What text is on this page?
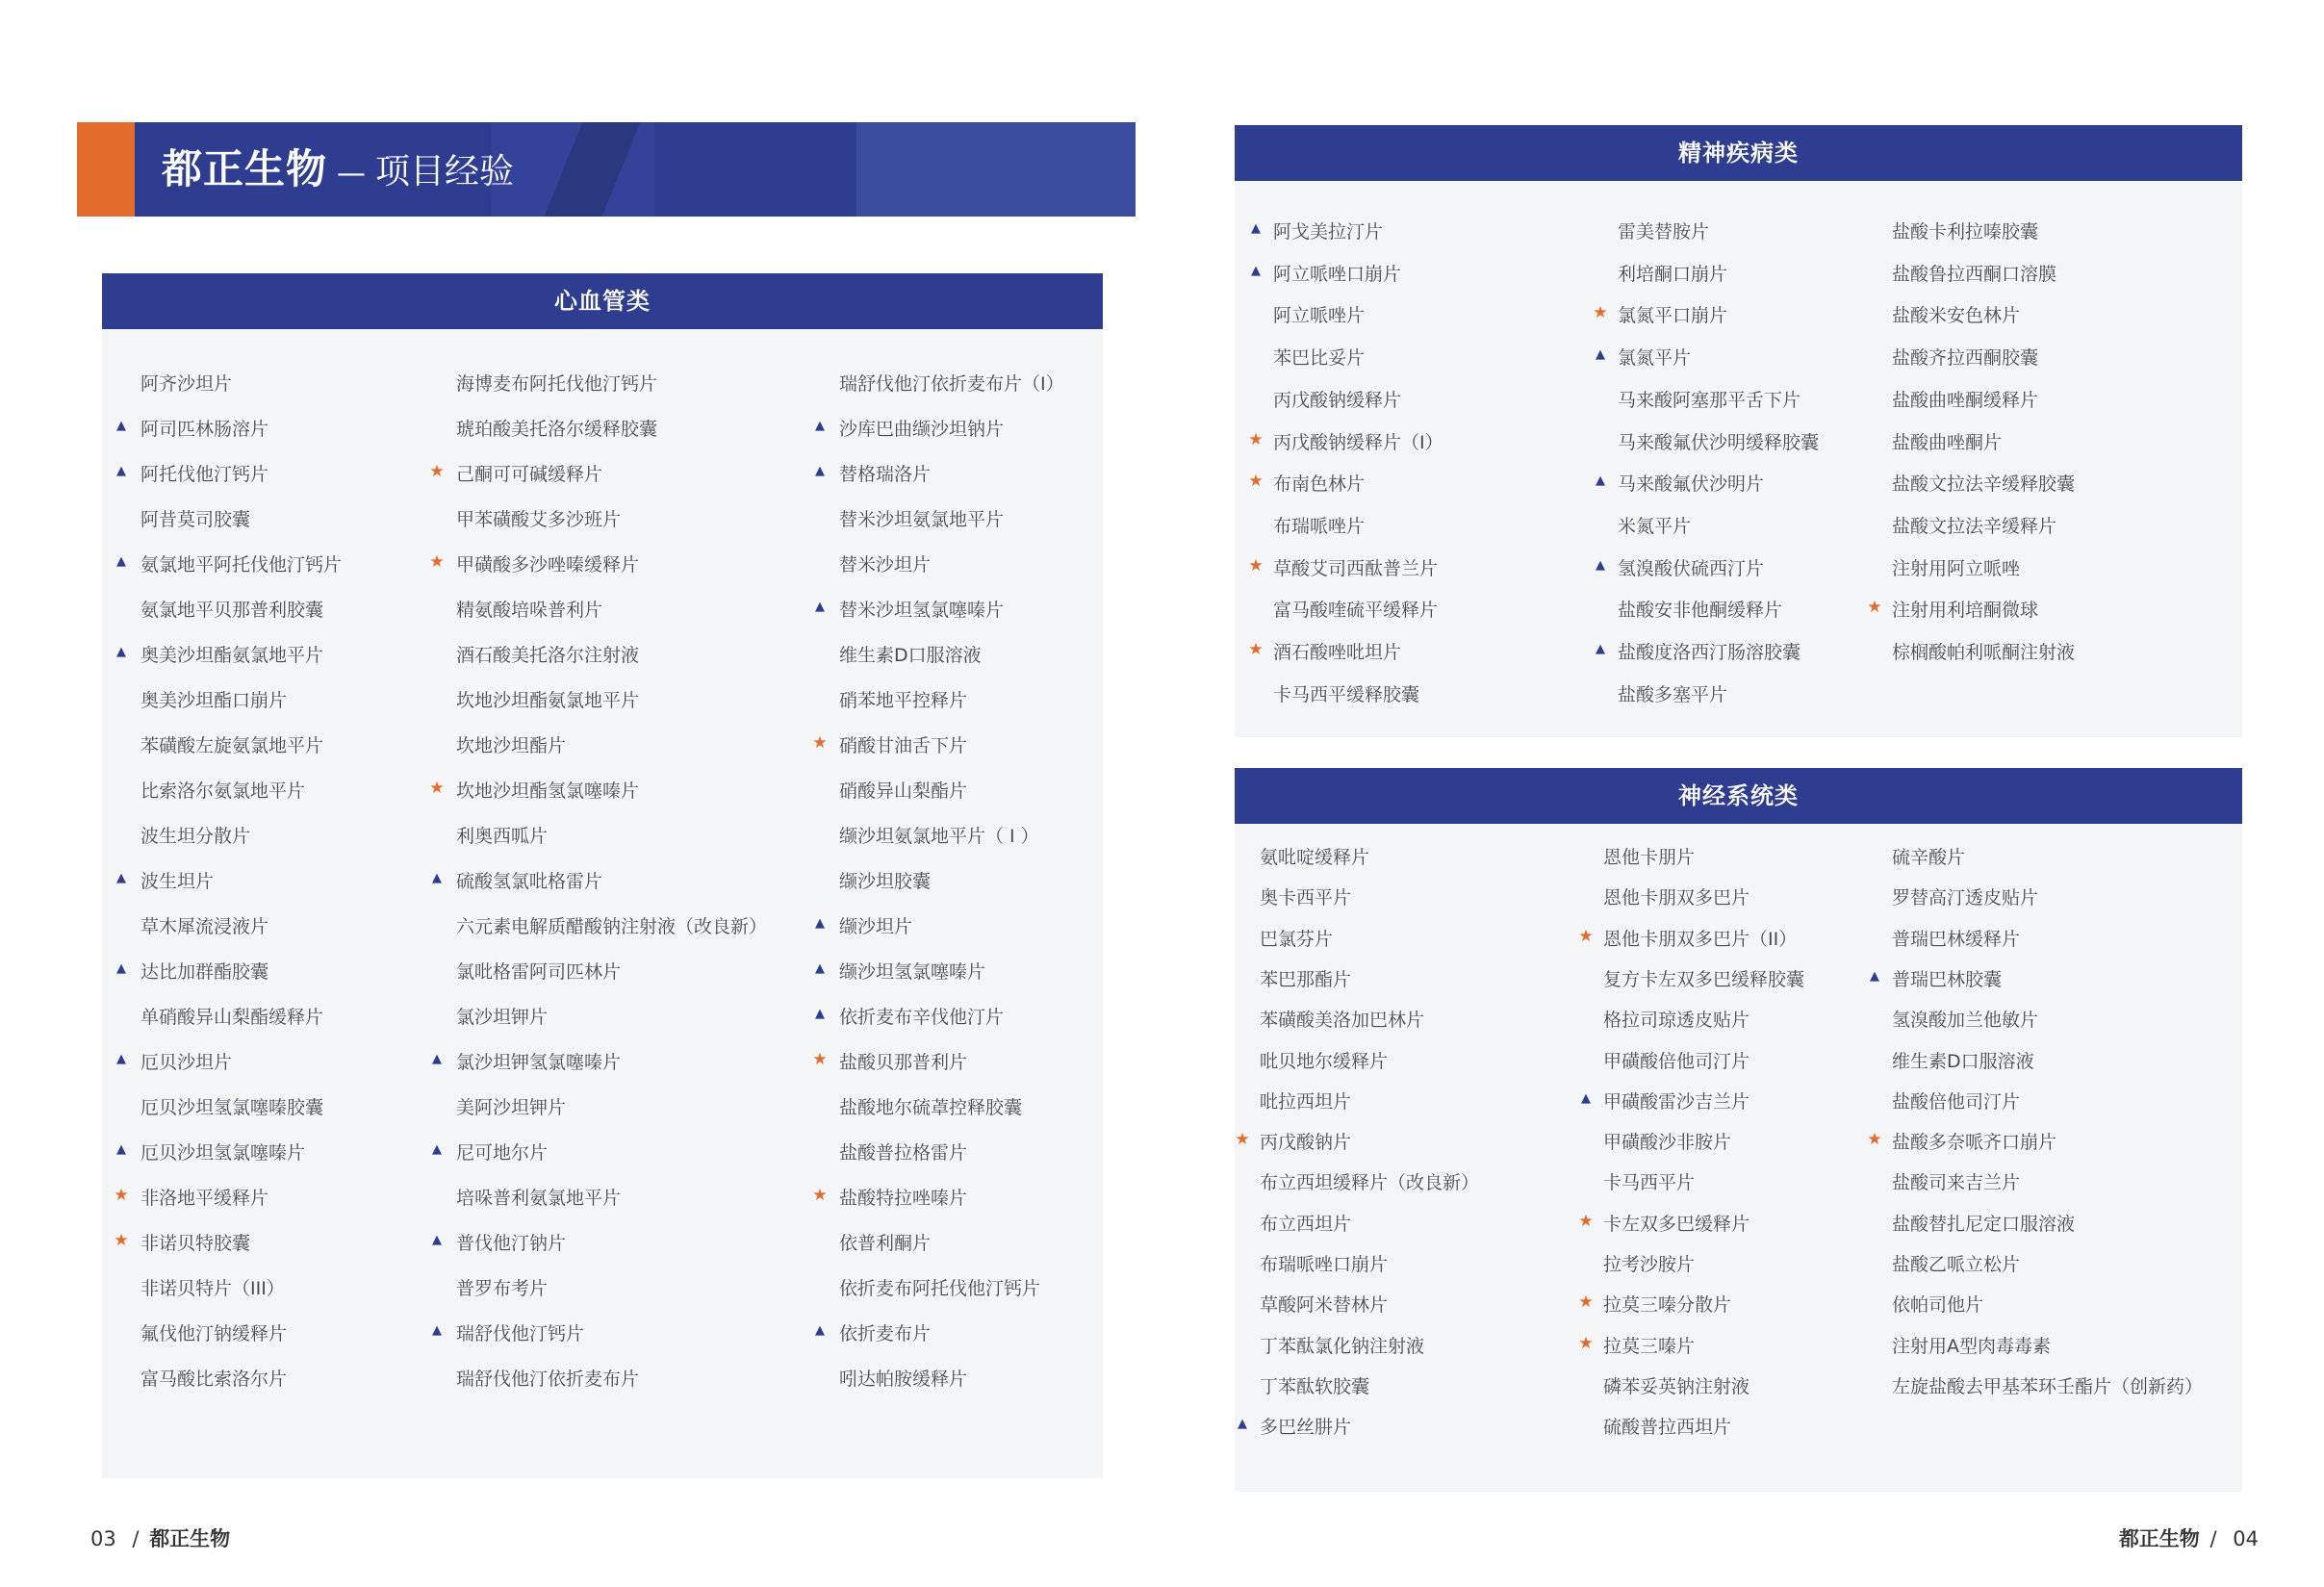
都正生物 — 项目经验
心血管类
阿齐沙坦片
▲ 阿司匹林肠溶片
▲ 阿托伐他汀钙片
阿昔莫司胶囊
▲ 氨氯地平阿托伐他汀钙片
氨氯地平贝那普利胶囊
▲ 奥美沙坦酯氨氯地平片
奥美沙坦酯口崩片
苯磺酸左旋氨氯地平片
比索洛尔氨氯地平片
波生坦分散片
▲ 波生坦片
草木犀流浸液片
▲ 达比加群酯胶囊
单硝酸异山梨酯缓释片
▲ 厄贝沙坦片
厄贝沙坦氢氯噻嗪胶囊
▲ 厄贝沙坦氢氯噻嗪片
★ 非洛地平缓释片
★ 非诺贝特胶囊
非诺贝特片（III）
氟伐他汀钠缓释片
富马酸比索洛尔片
海博麦布阿托伐他汀钙片
琥珀酸美托洛尔缓释胶囊
★ 己酮可可碱缓释片
甲苯磺酸艾多沙班片
★ 甲磺酸多沙唑嗪缓释片
精氨酸培哚普利片
酒石酸美托洛尔注射液
坎地沙坦酯氨氯地平片
坎地沙坦酯片
★ 坎地沙坦酯氢氯噻嗪片
利奥西呱片
▲ 硫酸氢氯吡格雷片
六元素电解质醋酸钠注射液（改良新）
氯吡格雷阿司匹林片
氯沙坦钾片
▲ 氯沙坦钾氢氯噻嗪片
美阿沙坦钾片
▲ 尼可地尔片
培哚普利氨氯地平片
▲ 普伐他汀钠片
普罗布考片
▲ 瑞舒伐他汀钙片
瑞舒伐他汀依折麦布片
瑞舒伐他汀依折麦布片（I）
▲ 沙库巴曲缬沙坦钠片
▲ 替格瑞洛片
替米沙坦氨氯地平片
替米沙坦片
▲ 替米沙坦氢氯噻嗪片
维生素D口服溶液
硝苯地平控释片
★ 硝酸甘油舌下片
硝酸异山梨酯片
缬沙坦氨氯地平片（ I ）
缬沙坦胶囊
▲ 缬沙坦片
▲ 缬沙坦氢氯噻嗪片
▲ 依折麦布辛伐他汀片
★ 盐酸贝那普利片
盐酸地尔硫䓬控释胶囊
盐酸普拉格雷片
★ 盐酸特拉唑嗪片
依普利酮片
依折麦布阿托伐他汀钙片
▲ 依折麦布片
吲达帕胺缓释片
精神疾病类
▲ 阿戈美拉汀片
▲ 阿立哌唑口崩片
阿立哌唑片
苯巴比妥片
丙戊酸钠缓释片
★ 丙戊酸钠缓释片（I）
★ 布南色林片
布瑞哌唑片
★ 草酸艾司西酞普兰片
富马酸喹硫平缓释片
★ 酒石酸唑吡坦片
卡马西平缓释胶囊
雷美替胺片
利培酮口崩片
★ 氯氮平口崩片
▲ 氯氮平片
马来酸阿塞那平舌下片
马来酸氟伏沙明缓释胶囊
▲ 马来酸氟伏沙明片
米氮平片
▲ 氢溴酸伏硫西汀片
盐酸安非他酮缓释片
▲ 盐酸度洛西汀肠溶胶囊
盐酸多塞平片
盐酸卡利拉嗪胶囊
盐酸鲁拉西酮口溶膜
盐酸米安色林片
盐酸齐拉西酮胶囊
盐酸曲唑酮缓释片
盐酸曲唑酮片
盐酸文拉法辛缓释胶囊
盐酸文拉法辛缓释片
注射用阿立哌唑
★ 注射用利培酮微球
棕榈酸帕利哌酮注射液
神经系统类
氨吡啶缓释片
奥卡西平片
巴氯芬片
苯巴那酯片
苯磺酸美洛加巴林片
吡贝地尔缓释片
吡拉西坦片
★ 丙戊酸钠片
布立西坦缓释片（改良新）
布立西坦片
布瑞哌唑口崩片
草酸阿米替林片
丁苯酞氯化钠注射液
丁苯酞软胶囊
▲ 多巴丝肼片
恩他卡朋片
恩他卡朋双多巴片
★ 恩他卡朋双多巴片（II）
复方卡左双多巴缓释胶囊
格拉司琼透皮贴片
甲磺酸倍他司汀片
▲ 甲磺酸雷沙吉兰片
甲磺酸沙非胺片
卡马西平片
★ 卡左双多巴缓释片
拉考沙胺片
★ 拉莫三嗪分散片
★ 拉莫三嗪片
磷苯妥英钠注射液
硫酸普拉西坦片
硫辛酸片
罗替高汀透皮贴片
普瑞巴林缓释片
▲ 普瑞巴林胶囊
氢溴酸加兰他敏片
维生素D口服溶液
盐酸倍他司汀片
★ 盐酸多奈哌齐口崩片
盐酸司来吉兰片
盐酸替扎尼定口服溶液
盐酸乙哌立松片
依帕司他片
注射用A型肉毒毒素
左旋盐酸去甲基苯环壬酯片（创新药）
03 / 都正生物	都正生物 / 04
